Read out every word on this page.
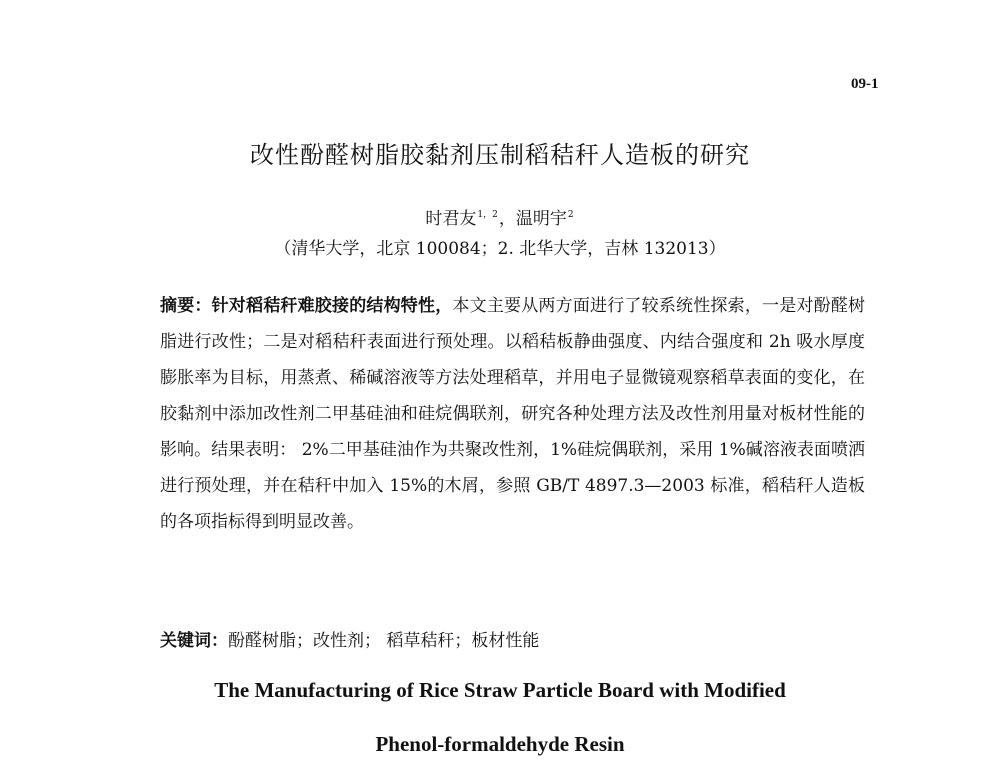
09-1
改性酚醛树脂胶黏剂压制稻秸秆人造板的研究
时君友$^{1,2}$，温明宇$^2$
（清华大学，北京 100084；2. 北华大学，吉林 132013）
摘要：针对稻秸秆难胶接的结构特性，本文主要从两方面进行了较系统性探索，一是对酚醛树脂进行改性；二是对稻秸秆表面进行预处理。以稻秸板静曲强度、内结合强度和 2h 吸水厚度膨胀率为目标，用蒸煮、稀碱溶液等方法处理稻草，并用电子显微镜观察稻草表面的变化，在胶黏剂中添加改性剂二甲基硅油和硅烷偶联剂，研究各种处理方法及改性剂用量对板材性能的影响。结果表明： 2%二甲基硅油作为共聚改性剂，1%硅烷偶联剂，采用 1%碱溶液表面喷洒进行预处理，并在秸秆中加入 15%的木屑，参照 GB/T 4897.3—2003 标准，稻秸秆人造板的各项指标得到明显改善。
关键词：酚醛树脂；改性剂； 稻草秸秆；板材性能
The Manufacturing of Rice Straw Particle Board with Modified
Phenol-formaldehyde Resin
